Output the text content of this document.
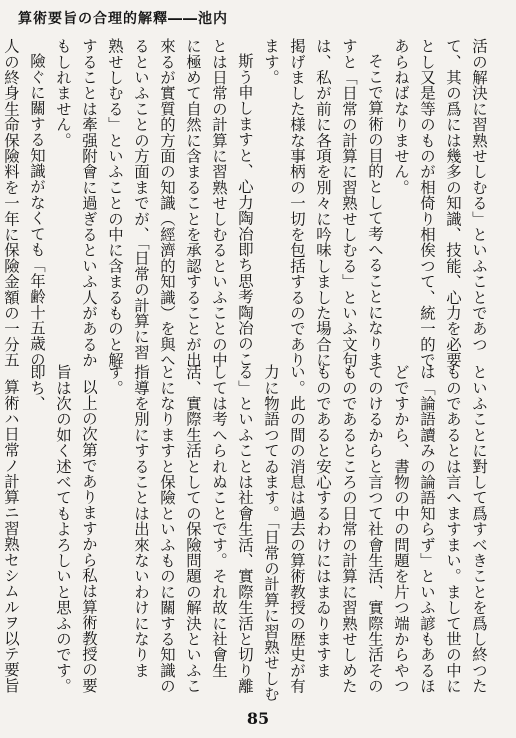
算術要旨の合理的解釋――池内

活の解決に習熟せしむる」といふことであつて、其の爲には幾多の知識、技能、心力を必要とし又是等のものが相倚り相俟つて、統一的であらねばなりません。

そこで算術の目的として考へることになりますと「日常の計算に習熟せしむる」といふ文句は、私が前に各項を別々に吟味しました場合に掲げました様な事柄の一切を包括するのであります。

斯う申しますと、心力陶冶即ち思考陶冶のことは日常の計算に習熟せしむるといふことの中に極めて自然に含まることを承認することが出來るが實質的方面の知識（經濟的知識）を與へるといふことの方面までが、「日常の計算に習熟せしむる」といふことの中に含まるものと解することは牽强附會に過ぎるといふ人があるかもしれません。

險ぐに關する知識がなくても「年齢十五歳の人の終身生命保險料を一年に保險金額の一分五

といふことに對して爲すべきことを爲し終つたものであるとは言へますまい。まして世の中には「論語讀みの論語知らず」といふ諺もあるほどですから、書物の中の問題を片つ端からやつてのけるからと言つて社會生活、實際生活そのものであるところの日常の計算に習熟せしめたものであると安心するわけにはまゐりますまい。此の間の消息は過去の算術教授の歴史が有力に物語つてゐます。「日常の計算に習熟せしむる」といふことは社會生活、實際生活と切り離しては考へられぬことです。それ故に社會生活、實際生活としての保險問題の解決といふことになりますと保險といふものに關する知識の指導を別にすることは出來ないわけになります。

以上の次第でありますから私は算術教授の要旨は次の如く述べてもよろしいと思ふのです。即ち、

算術ハ日常ノ計算ニ習熟セシムルヲ以テ要旨

85
